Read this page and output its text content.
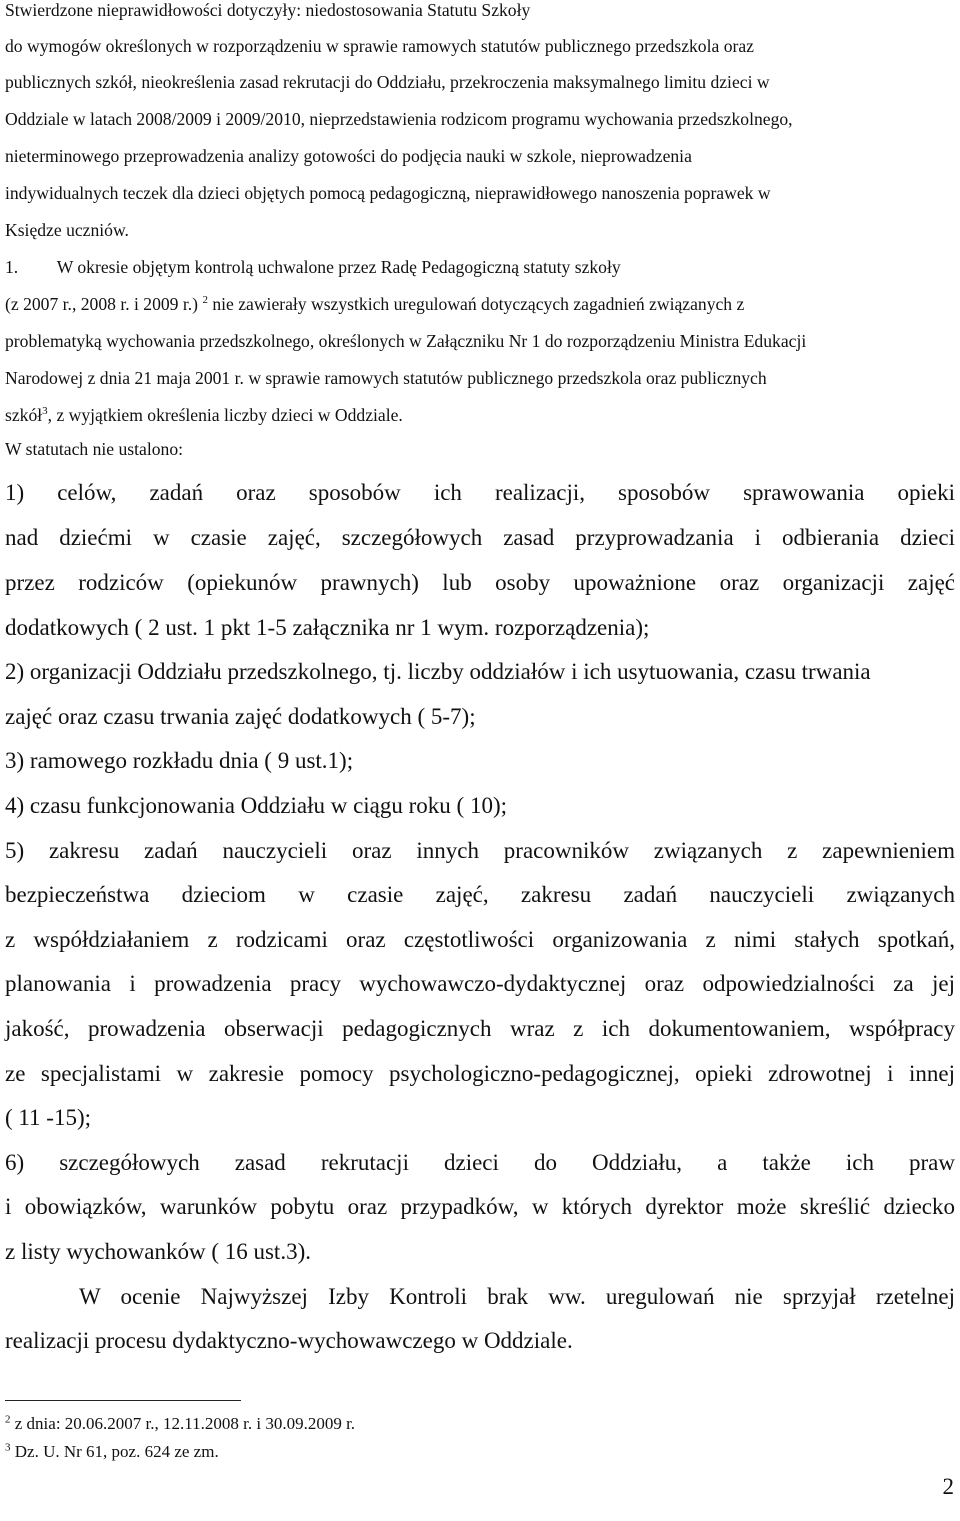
Stwierdzone nieprawidłowości dotyczyły: niedostosowania Statutu Szkoły
do wymogów określonych w rozporządzeniu w sprawie ramowych statutów publicznego przedszkola oraz
publicznych szkół, nieokreślenia zasad rekrutacji do Oddziału, przekroczenia maksymalnego limitu dzieci w
Oddziale w latach 2008/2009 i 2009/2010, nieprzedstawienia rodzicom programu wychowania przedszkolnego,
nieterminowego przeprowadzenia analizy gotowości do podjęcia nauki w szkole, nieprowadzenia
indywidualnych teczek dla dzieci objętych pomocą pedagogiczną, nieprawidłowego nanoszenia poprawek w
Księdze uczniów.
1. W okresie objętym kontrolą uchwalone przez Radę Pedagogiczną statuty szkoły
(z 2007 r., 2008 r. i 2009 r.) $^2$ nie zawierały wszystkich uregulowań dotyczących zagadnień związanych z
problematyką wychowania przedszkolnego, określonych w Załączniku Nr 1 do rozporządzeniu Ministra Edukacji
Narodowej z dnia 21 maja 2001 r. w sprawie ramowych statutów publicznego przedszkola oraz publicznych
szkół$^3$, z wyjątkiem określenia liczby dzieci w Oddziale.
W statutach nie ustalono:
1) celów, zadań oraz sposobów ich realizacji, sposobów sprawowania opieki
nad dziećmi w czasie zajęć, szczegółowych zasad przyprowadzania i odbierania dzieci
przez rodziców (opiekunów prawnych) lub osoby upoważnione oraz organizacji zajęć
dodatkowych ( 2 ust. 1 pkt 1-5 załącznika nr 1 wym. rozporządzenia);
2) organizacji Oddziału przedszkolnego, tj. liczby oddziałów i ich usytuowania, czasu trwania
zajęć oraz czasu trwania zajęć dodatkowych ( 5-7);
3) ramowego rozkładu dnia ( 9 ust.1);
4) czasu funkcjonowania Oddziału w ciągu roku ( 10);
5) zakresu zadań nauczycieli oraz innych pracowników związanych z zapewnieniem
bezpieczeństwa dzieciom w czasie zajęć, zakresu zadań nauczycieli związanych
z współdziałaniem z rodzicami oraz częstotliwości organizowania z nimi stałych spotkań,
planowania i prowadzenia pracy wychowawczo-dydaktycznej oraz odpowiedzialności za jej
jakość, prowadzenia obserwacji pedagogicznych wraz z ich dokumentowaniem, współpracy
ze specjalistami w zakresie pomocy psychologiczno-pedagogicznej, opieki zdrowotnej i innej
( 11 -15);
6) szczegółowych zasad rekrutacji dzieci do Oddziału, a także ich praw
i obowiązków, warunków pobytu oraz przypadków, w których dyrektor może skreślić dziecko
z listy wychowanków ( 16 ust.3).
W ocenie Najwyższej Izby Kontroli brak ww. uregulowań nie sprzyjał rzetelnej
realizacji procesu dydaktyczno-wychowawczego w Oddziale.
$^2$ z dnia: 20.06.2007 r., 12.11.2008 r. i 30.09.2009 r.
$^3$ Dz. U. Nr 61, poz. 624 ze zm.
2
